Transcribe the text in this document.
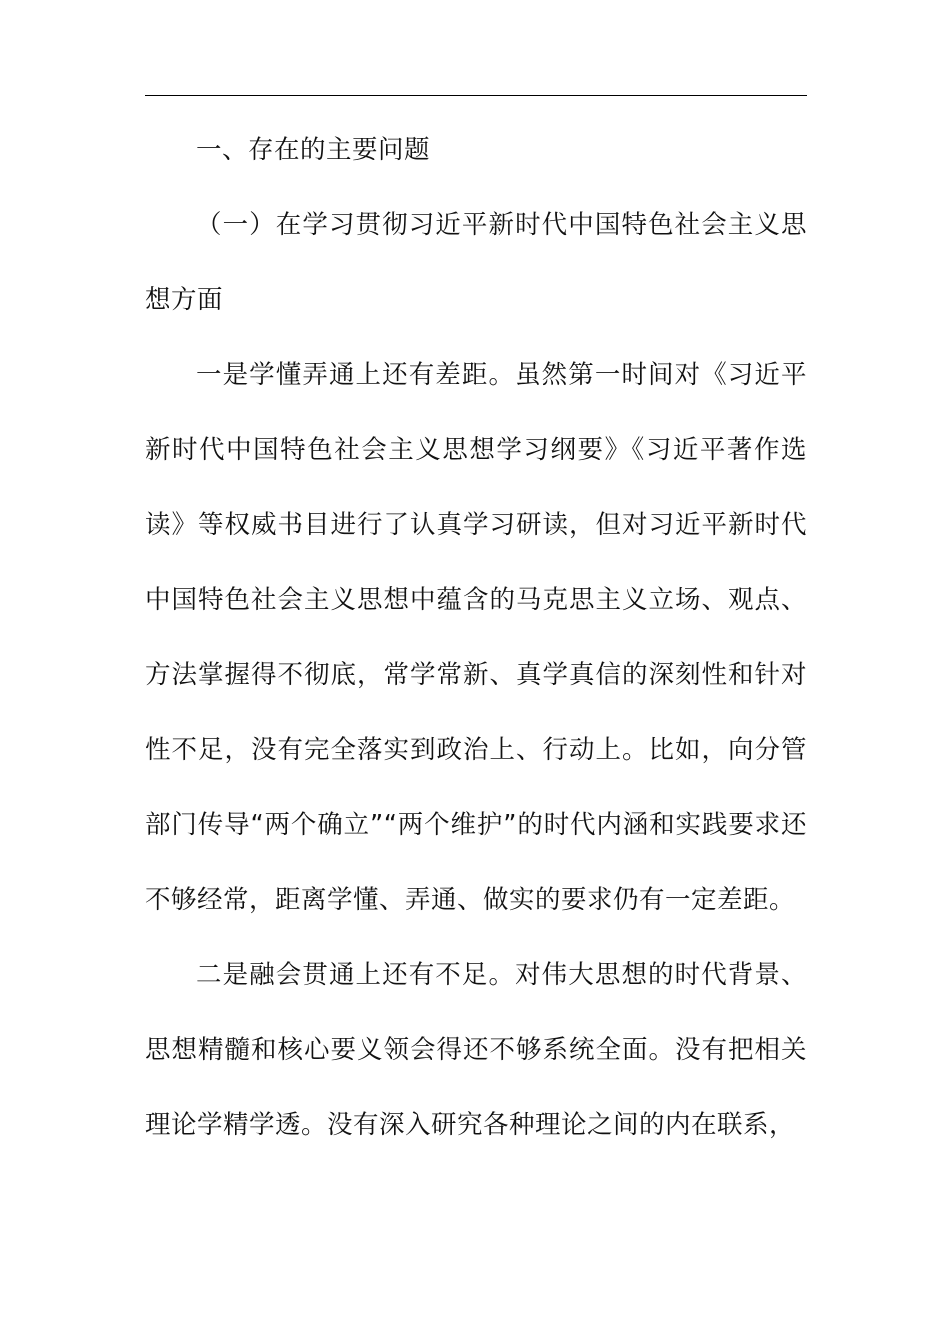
一、存在的主要问题

（一）在学习贯彻习近平新时代中国特色社会主义思想方面

一是学懂弄通上还有差距。虽然第一时间对《习近平新时代中国特色社会主义思想学习纲要》《习近平著作选读》等权威书目进行了认真学习研读，但对习近平新时代中国特色社会主义思想中蕴含的马克思主义立场、观点、方法掌握得不彻底，常学常新、真学真信的深刻性和针对性不足，没有完全落实到政治上、行动上。比如，向分管部门传导“两个确立”“两个维护”的时代内涵和实践要求还不够经常，距离学懂、弄通、做实的要求仍有一定差距。

二是融会贯通上还有不足。对伟大思想的时代背景、思想精髓和核心要义领会得还不够系统全面。没有把相关理论学精学透。没有深入研究各种理论之间的内在联系，
